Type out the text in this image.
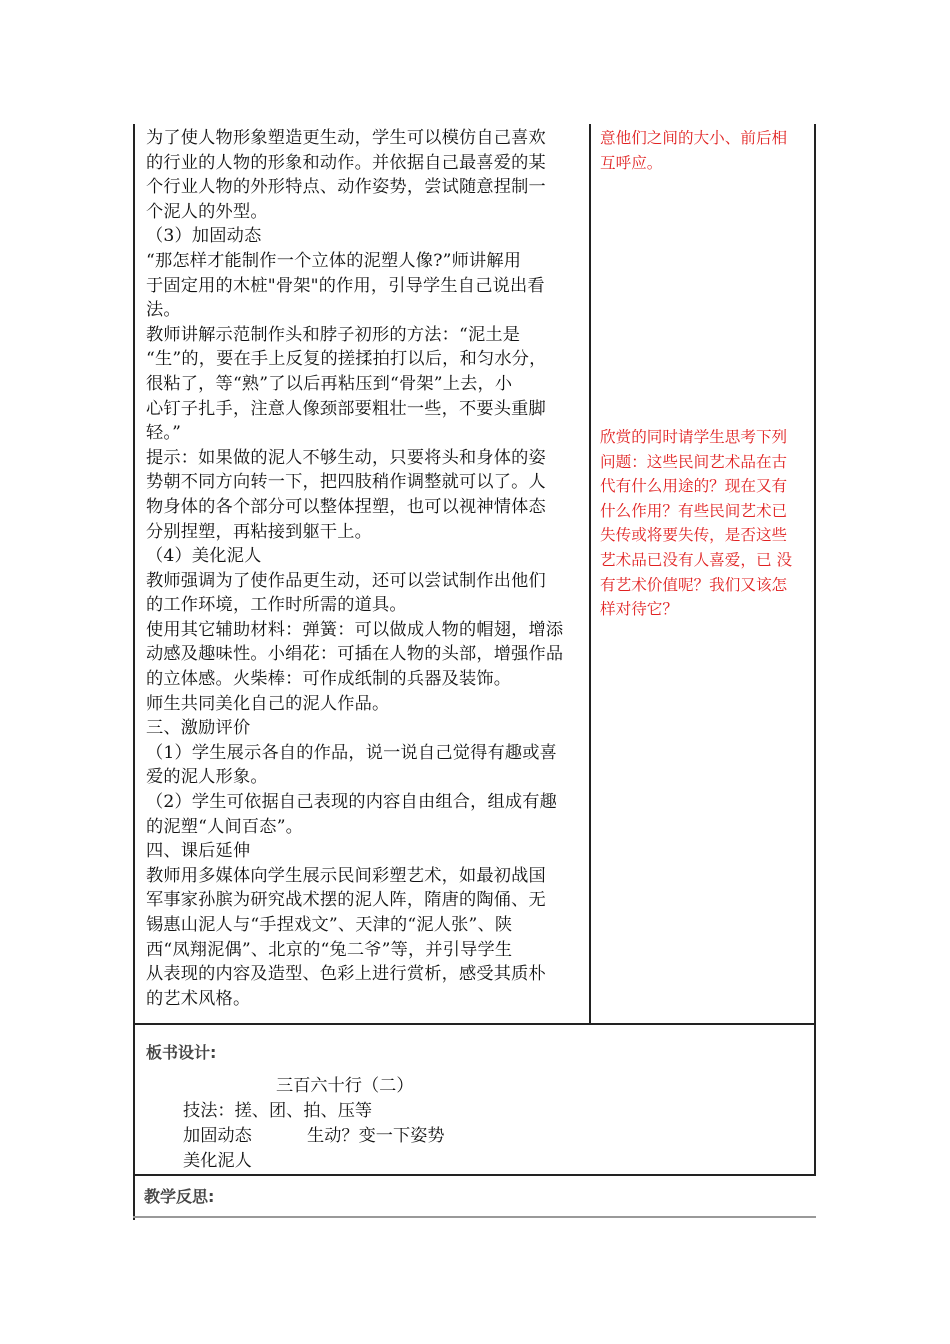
为了使人物形象塑造更生动，学生可以模仿自己喜欢

的行业的人物的形象和动作。并依据自己最喜爱的某

个行业人物的外形特点、动作姿势，尝试随意捏制一

个泥人的外型。

（3）加固动态

“那怎样才能制作一个立体的泥塑人像?”师讲解用

于固定用的木桩"骨架"的作用，引导学生自己说出看

法。

教师讲解示范制作头和脖子初形的方法：“泥土是

“生”的，要在手上反复的搓揉拍打以后，和匀水分，

很粘了，等“熟”了以后再粘压到“骨架”上去，小

心钉子扎手，注意人像颈部要粗壮一些，不要头重脚

轻。”

提示：如果做的泥人不够生动，只要将头和身体的姿

势朝不同方向转一下，把四肢稍作调整就可以了。人

物身体的各个部分可以整体捏塑，也可以视神情体态

分别捏塑，再粘接到躯干上。

（4）美化泥人

教师强调为了使作品更生动，还可以尝试制作出他们

的工作环境，工作时所需的道具。

使用其它辅助材料：弹簧：可以做成人物的帽翅，增添

动感及趣味性。小绢花：可插在人物的头部，增强作品

的立体感。火柴棒：可作成纸制的兵器及装饰。

师生共同美化自己的泥人作品。

三、激励评价

（1）学生展示各自的作品，说一说自己觉得有趣或喜

爱的泥人形象。

（2）学生可依据自己表现的内容自由组合，组成有趣

的泥塑“人间百态”。

四、课后延伸

教师用多媒体向学生展示民间彩塑艺术，如最初战国

军事家孙膑为研究战术摆的泥人阵，隋唐的陶俑、无

锡惠山泥人与“手捏戏文”、天津的“泥人张”、陕

西“凤翔泥偶”、北京的“兔二爷”等，并引导学生

从表现的内容及造型、色彩上进行赏析，感受其质朴

的艺术风格。

意他们之间的大小、前后相

互呼应。

欣赏的同时请学生思考下列

问题：这些民间艺术品在古

代有什么用途的？现在又有

什么作用？有些民间艺术已

失传或将要失传，是否这些

艺术品已没有人喜爱，已 没

有艺术价值呢？我们又该怎

样对待它？

板书设计:
三百六十行（二）
技法：搓、团、拍、压等
加固动态	生动？变一下姿势
美化泥人
教学反思:
